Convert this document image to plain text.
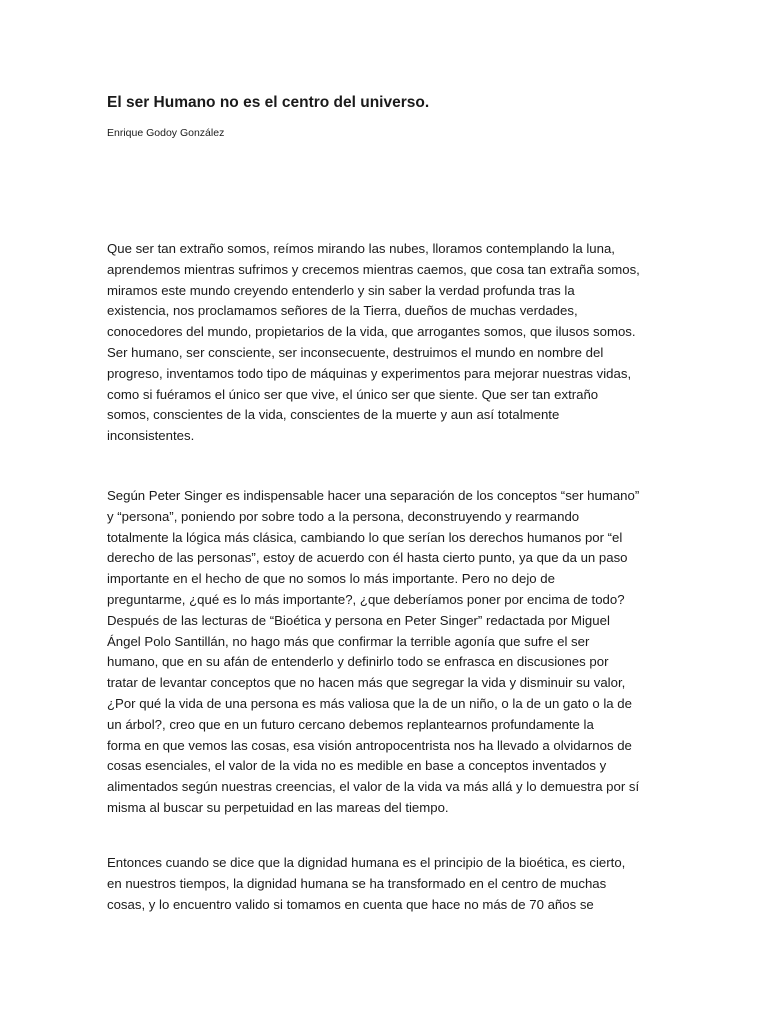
El ser Humano no es el centro del universo.
Enrique Godoy González

Que ser tan extraño somos, reímos mirando las nubes, lloramos contemplando la luna,
aprendemos mientras sufrimos y crecemos mientras caemos, que cosa tan extraña somos,
miramos este mundo creyendo entenderlo y sin saber la verdad profunda tras la
existencia, nos proclamamos señores de la Tierra, dueños de muchas verdades,
conocedores del mundo, propietarios de la vida, que arrogantes somos, que ilusos somos.
Ser humano, ser consciente, ser inconsecuente, destruimos el mundo en nombre del
progreso, inventamos todo tipo de máquinas y experimentos para mejorar nuestras vidas,
como si fuéramos el único ser que vive, el único ser que siente. Que ser tan extraño
somos, conscientes de la vida, conscientes de la muerte y aun así totalmente
inconsistentes.

Según Peter Singer es indispensable hacer una separación de los conceptos “ser humano”
y “persona”, poniendo por sobre todo a la persona, deconstruyendo y rearmando
totalmente la lógica más clásica, cambiando lo que serían los derechos humanos por “el
derecho de las personas”, estoy de acuerdo con él hasta cierto punto, ya que da un paso
importante en el hecho de que no somos lo más importante. Pero no dejo de
preguntarme, ¿qué es lo más importante?, ¿que deberíamos poner por encima de todo?
Después de las lecturas de “Bioética y persona en Peter Singer” redactada por Miguel
Ángel Polo Santillán, no hago más que confirmar la terrible agonía que sufre el ser
humano, que en su afán de entenderlo y definirlo todo se enfrasca en discusiones por
tratar de levantar conceptos que no hacen más que segregar la vida y disminuir su valor,
¿Por qué la vida de una persona es más valiosa que la de un niño, o la de un gato o la de
un árbol?, creo que en un futuro cercano debemos replantearnos profundamente la
forma en que vemos las cosas, esa visión antropocentrista nos ha llevado a olvidarnos de
cosas esenciales, el valor de la vida no es medible en base a conceptos inventados y
alimentados según nuestras creencias, el valor de la vida va más allá y lo demuestra por sí
misma al buscar su perpetuidad en las mareas del tiempo.

Entonces cuando se dice que la dignidad humana es el principio de la bioética, es cierto,
en nuestros tiempos, la dignidad humana se ha transformado en el centro de muchas
cosas, y lo encuentro valido si tomamos en cuenta que hace no más de 70 años se
